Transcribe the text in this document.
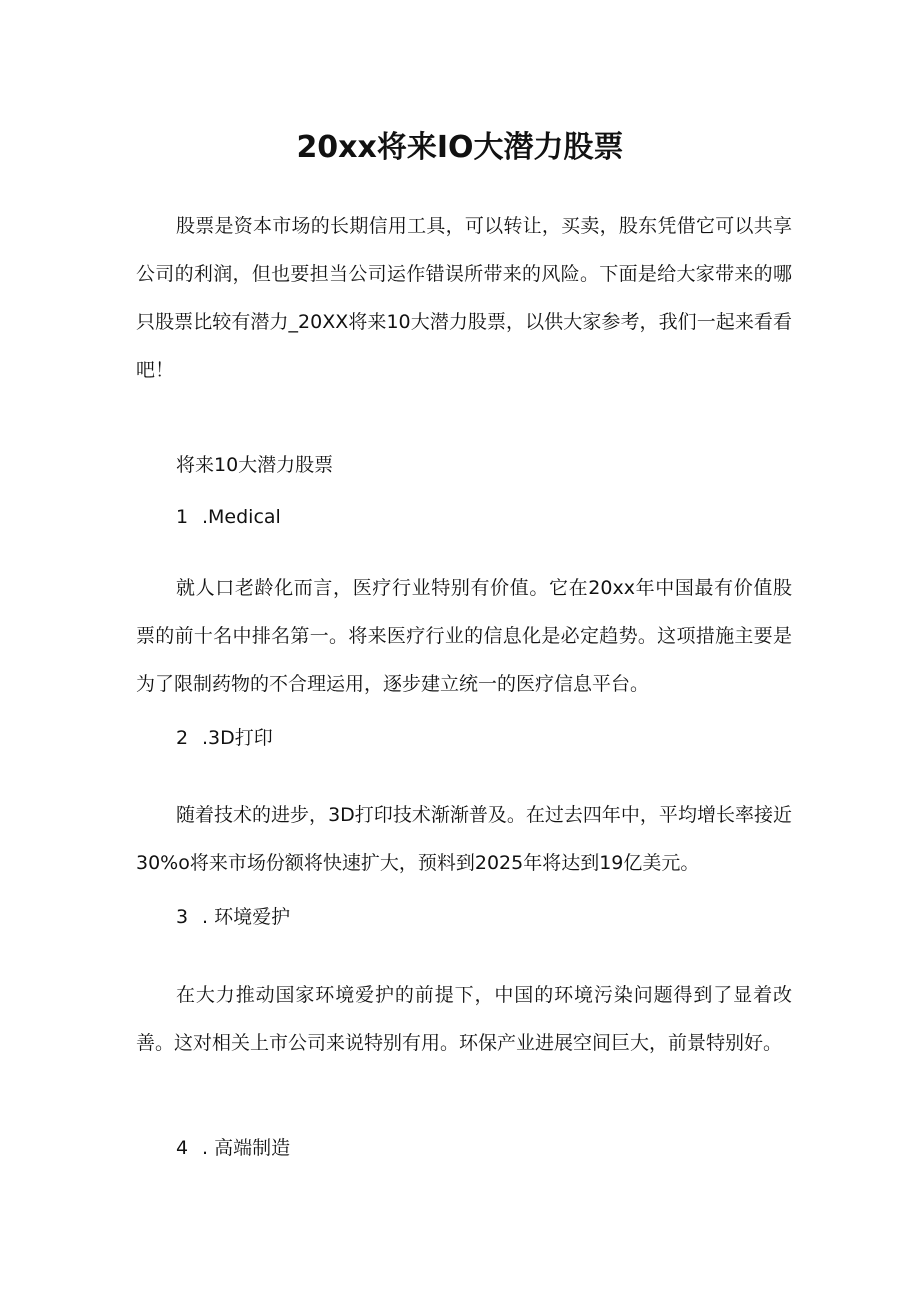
20xx将来IO大潜力股票
股票是资本市场的长期信用工具，可以转让，买卖，股东凭借它可以共享公司的利润，但也要担当公司运作错误所带来的风险。下面是给大家带来的哪只股票比较有潜力_20XX将来10大潜力股票，以供大家参考，我们一起来看看吧！
将来10大潜力股票
1 .Medical
就人口老龄化而言，医疗行业特别有价值。它在20xx年中国最有价值股票的前十名中排名第一。将来医疗行业的信息化是必定趋势。这项措施主要是为了限制药物的不合理运用，逐步建立统一的医疗信息平台。
2 .3D打印
随着技术的进步，3D打印技术渐渐普及。在过去四年中，平均增长率接近30%o将来市场份额将快速扩大，预料到2025年将达到19亿美元。
3 . 环境爱护
在大力推动国家环境爱护的前提下，中国的环境污染问题得到了显着改善。这对相关上市公司来说特别有用。环保产业进展空间巨大，前景特别好。
4 . 高端制造
